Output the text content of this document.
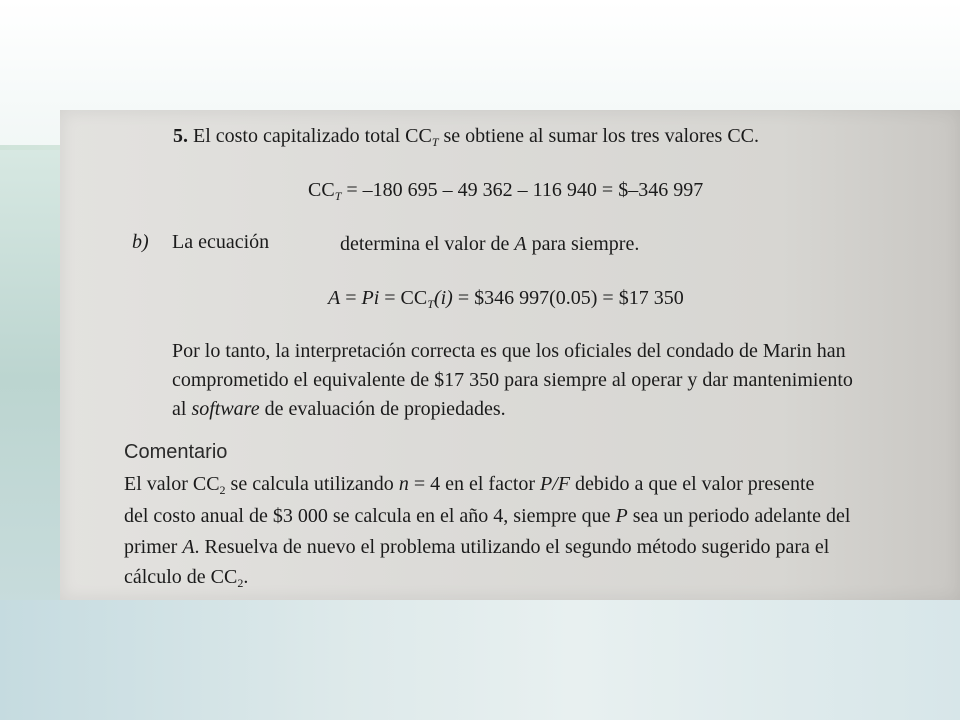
5. El costo capitalizado total $CC_T$ se obtiene al sumar los tres valores CC.
$CC_T = -180$ 695 – 49 362 – 116 940 = $–346 997
b) La ecuación	determina el valor de A para siempre.
$A = Pi = CC_T(i)$ = $346 997(0.05) = $17 350
Por lo tanto, la interpretación correcta es que los oficiales del condado de Marin han
comprometido el equivalente de $17 350 para siempre al operar y dar mantenimiento
al software de evaluación de propiedades.
Comentario
El valor $CC_2$ se calcula utilizando n = 4 en el factor P/F debido a que el valor presente
del costo anual de $3 000 se calcula en el año 4, siempre que P sea un periodo adelante del
primer A. Resuelva de nuevo el problema utilizando el segundo método sugerido para el
cálculo de $CC_2$.
